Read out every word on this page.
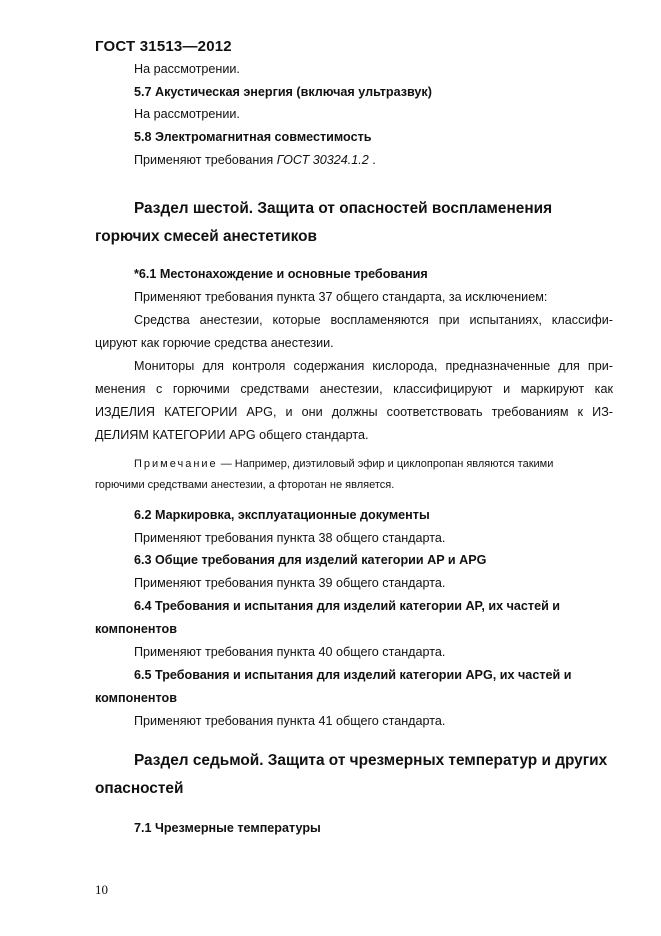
ГОСТ 31513—2012
На рассмотрении.
5.7 Акустическая энергия (включая ультразвук)
На рассмотрении.
5.8 Электромагнитная совместимость
Применяют требования ГОСТ 30324.1.2 .
Раздел шестой. Защита от опасностей воспламенения
горючих смесей анестетиков
*6.1 Местонахождение и основные требования
Применяют требования пункта 37 общего стандарта, за исключением:
Средства анестезии, которые воспламеняются при испытаниях, классифи-
цируют как горючие средства анестезии.
Мониторы для контроля содержания кислорода, предназначенные для при-
менения с горючими средствами анестезии, классифицируют и маркируют как
ИЗДЕЛИЯ КАТЕГОРИИ APG, и они должны соответствовать требованиям к ИЗ-
ДЕЛИЯМ КАТЕГОРИИ APG общего стандарта.
Примечание — Например, диэтиловый эфир и циклопропан являются такими
горючими средствами анестезии, а фторотан не является.
6.2 Маркировка, эксплуатационные документы
Применяют требования пункта 38 общего стандарта.
6.3 Общие требования для изделий категории AP и APG
Применяют требования пункта 39 общего стандарта.
6.4 Требования и испытания для изделий категории AP, их частей и
компонентов
Применяют требования пункта 40 общего стандарта.
6.5 Требования и испытания для изделий категории APG, их частей и
компонентов
Применяют требования пункта 41 общего стандарта.
Раздел седьмой. Защита от чрезмерных температур и других
опасностей
7.1 Чрезмерные температуры
10
